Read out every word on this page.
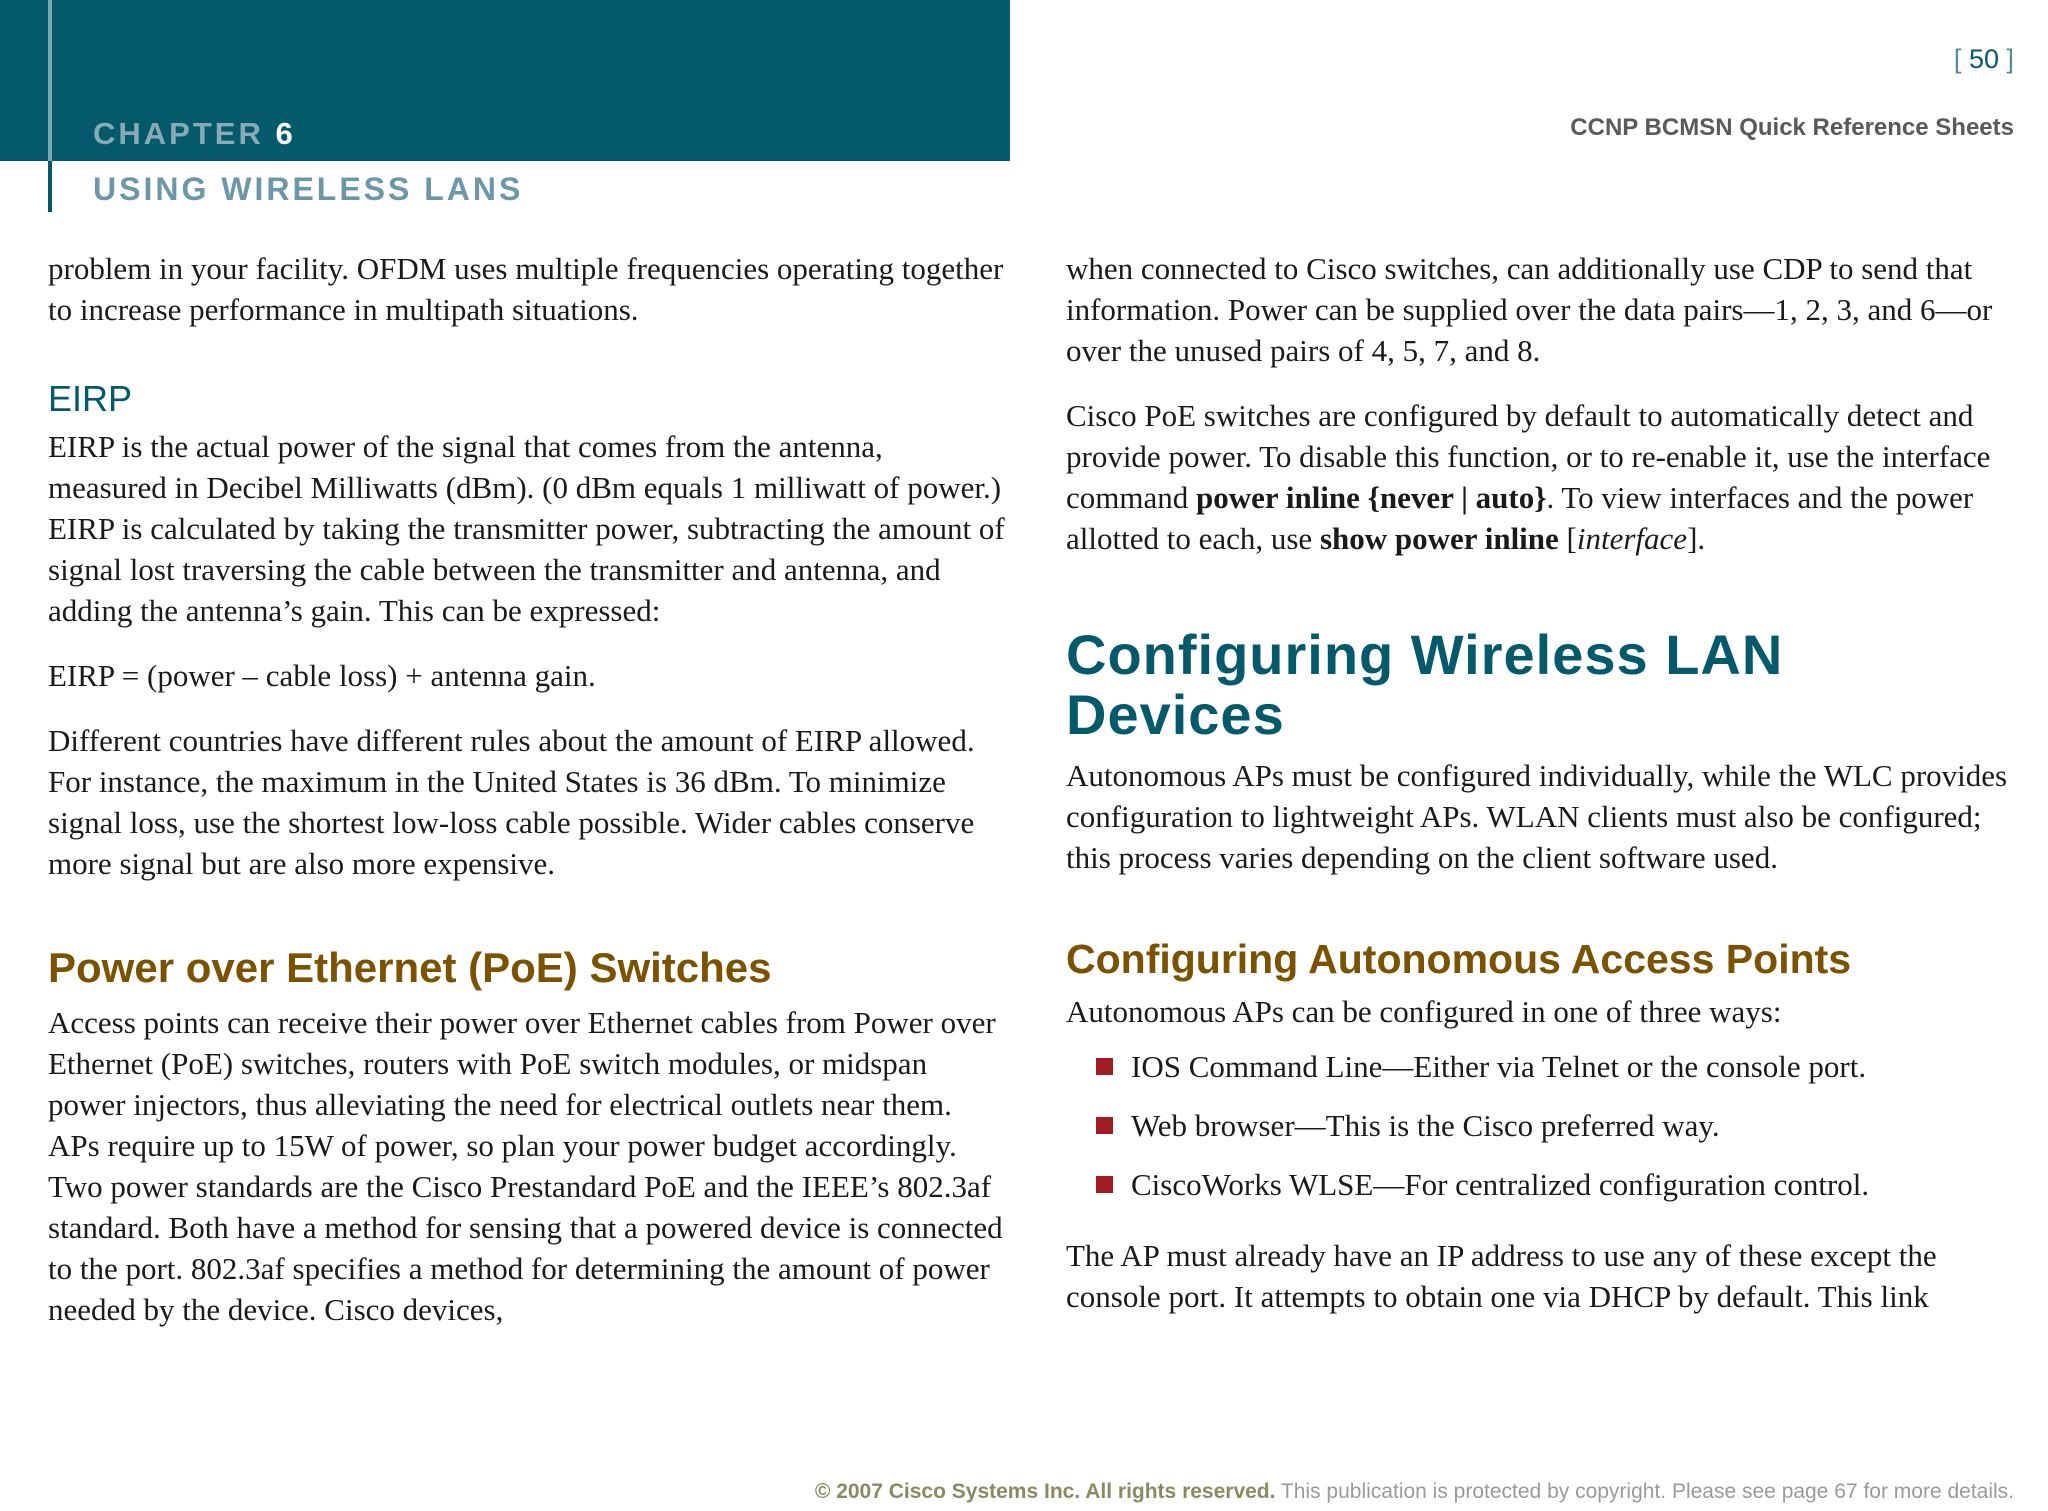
CHAPTER 6
USING WIRELESS LANS
[ 50 ]
CCNP BCMSN Quick Reference Sheets

problem in your facility. OFDM uses multiple frequencies operating together to increase performance in multipath situations.

EIRP

EIRP is the actual power of the signal that comes from the antenna, measured in Decibel Milliwatts (dBm). (0 dBm equals 1 milliwatt of power.) EIRP is calculated by taking the transmitter power, subtracting the amount of signal lost traversing the cable between the transmitter and antenna, and adding the antenna’s gain. This can be expressed:

EIRP = (power – cable loss) + antenna gain.

Different countries have different rules about the amount of EIRP allowed. For instance, the maximum in the United States is 36 dBm. To minimize signal loss, use the shortest low-loss cable possible. Wider cables conserve more signal but are also more expensive.

Power over Ethernet (PoE) Switches

Access points can receive their power over Ethernet cables from Power over Ethernet (PoE) switches, routers with PoE switch modules, or midspan power injectors, thus alleviating the need for electrical outlets near them. APs require up to 15W of power, so plan your power budget accordingly. Two power standards are the Cisco Prestandard PoE and the IEEE’s 802.3af standard. Both have a method for sensing that a powered device is connected to the port. 802.3af specifies a method for determining the amount of power needed by the device. Cisco devices,

when connected to Cisco switches, can additionally use CDP to send that information. Power can be supplied over the data pairs—1, 2, 3, and 6—or over the unused pairs of 4, 5, 7, and 8.

Cisco PoE switches are configured by default to automatically detect and provide power. To disable this function, or to re-enable it, use the interface command power inline {never | auto}. To view interfaces and the power allotted to each, use show power inline [interface].

Configuring Wireless LAN
Devices

Autonomous APs must be configured individually, while the WLC provides configuration to lightweight APs. WLAN clients must also be configured; this process varies depending on the client software used.

Configuring Autonomous Access Points

Autonomous APs can be configured in one of three ways:

IOS Command Line—Either via Telnet or the console port.
Web browser—This is the Cisco preferred way.
CiscoWorks WLSE—For centralized configuration control.

The AP must already have an IP address to use any of these except the console port. It attempts to obtain one via DHCP by default. This link

© 2007 Cisco Systems Inc. All rights reserved. This publication is protected by copyright. Please see page 67 for more details.
